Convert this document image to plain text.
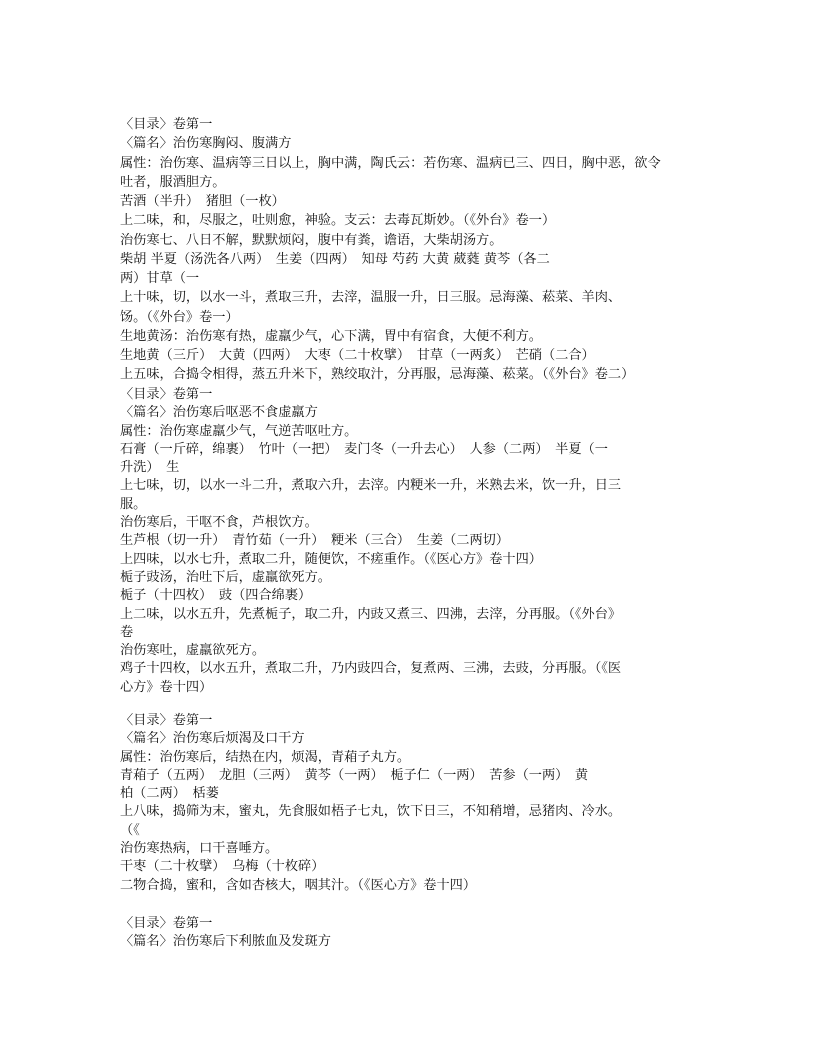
〈目录〉卷第一
〈篇名〉治伤寒胸闷、腹满方
属性：治伤寒、温病等三日以上，胸中满，陶氏云：若伤寒、温病已三、四日，胸中恶，欲令
吐者，服酒胆方。
苦酒（半升）　猪胆（一枚）
上二味，和，尽服之，吐则愈，神验。支云：去毒瓦斯妙。（《外台》卷一）
治伤寒七、八日不解，默默烦闷，腹中有粪，谵语，大柴胡汤方。
柴胡 半夏（汤洗各八两）　生姜（四两）　知母 芍药 大黄 葳蕤 黄芩（各二
两）甘草（一
上十味，切，以水一斗，煮取三升，去滓，温服一升，日三服。忌海藻、菘菜、羊肉、
饧。（《外台》卷一）
生地黄汤：治伤寒有热，虚羸少气，心下满，胃中有宿食，大便不利方。
生地黄（三斤）　大黄（四两）　大枣（二十枚擘）　甘草（一两炙）　芒硝（二合）
上五味，合捣令相得，蒸五升米下，熟绞取汁，分再服，忌海藻、菘菜。（《外台》卷二）
〈目录〉卷第一
〈篇名〉治伤寒后呕恶不食虚羸方
属性：治伤寒虚羸少气，气逆苦呕吐方。
石膏（一斤碎，绵裹）　竹叶（一把）　麦门冬（一升去心）　人参（二两）　半夏（一
升洗）　生
上七味，切，以水一斗二升，煮取六升，去滓。内粳米一升，米熟去米，饮一升，日三
服。
治伤寒后，干呕不食，芦根饮方。
生芦根（切一升）　青竹茹（一升）　粳米（三合）　生姜（二两切）
上四味，以水七升，煮取二升，随便饮，不瘥重作。（《医心方》卷十四）
栀子豉汤，治吐下后，虚羸欲死方。
栀子（十四枚）　豉（四合绵裹）
上二味，以水五升，先煮栀子，取二升，内豉又煮三、四沸，去滓，分再服。（《外台》
卷
治伤寒吐，虚羸欲死方。
鸡子十四枚，以水五升，煮取二升，乃内豉四合，复煮两、三沸，去豉，分再服。（《医
心方》卷十四）
〈目录〉卷第一
〈篇名〉治伤寒后烦渴及口干方
属性：治伤寒后，结热在内，烦渴，青葙子丸方。
青葙子（五两）　龙胆（三两）　黄芩（一两）　栀子仁（一两）　苦参（一两）　黄
柏（二两）　栝蒌
上八味，捣筛为末，蜜丸，先食服如梧子七丸，饮下日三，不知稍增，忌猪肉、冷水。
（《
治伤寒热病，口干喜唾方。
干枣（二十枚擘）　乌梅（十枚碎）
二物合捣，蜜和，含如杏核大，咽其汁。（《医心方》卷十四）
〈目录〉卷第一
〈篇名〉治伤寒后下利脓血及发斑方
